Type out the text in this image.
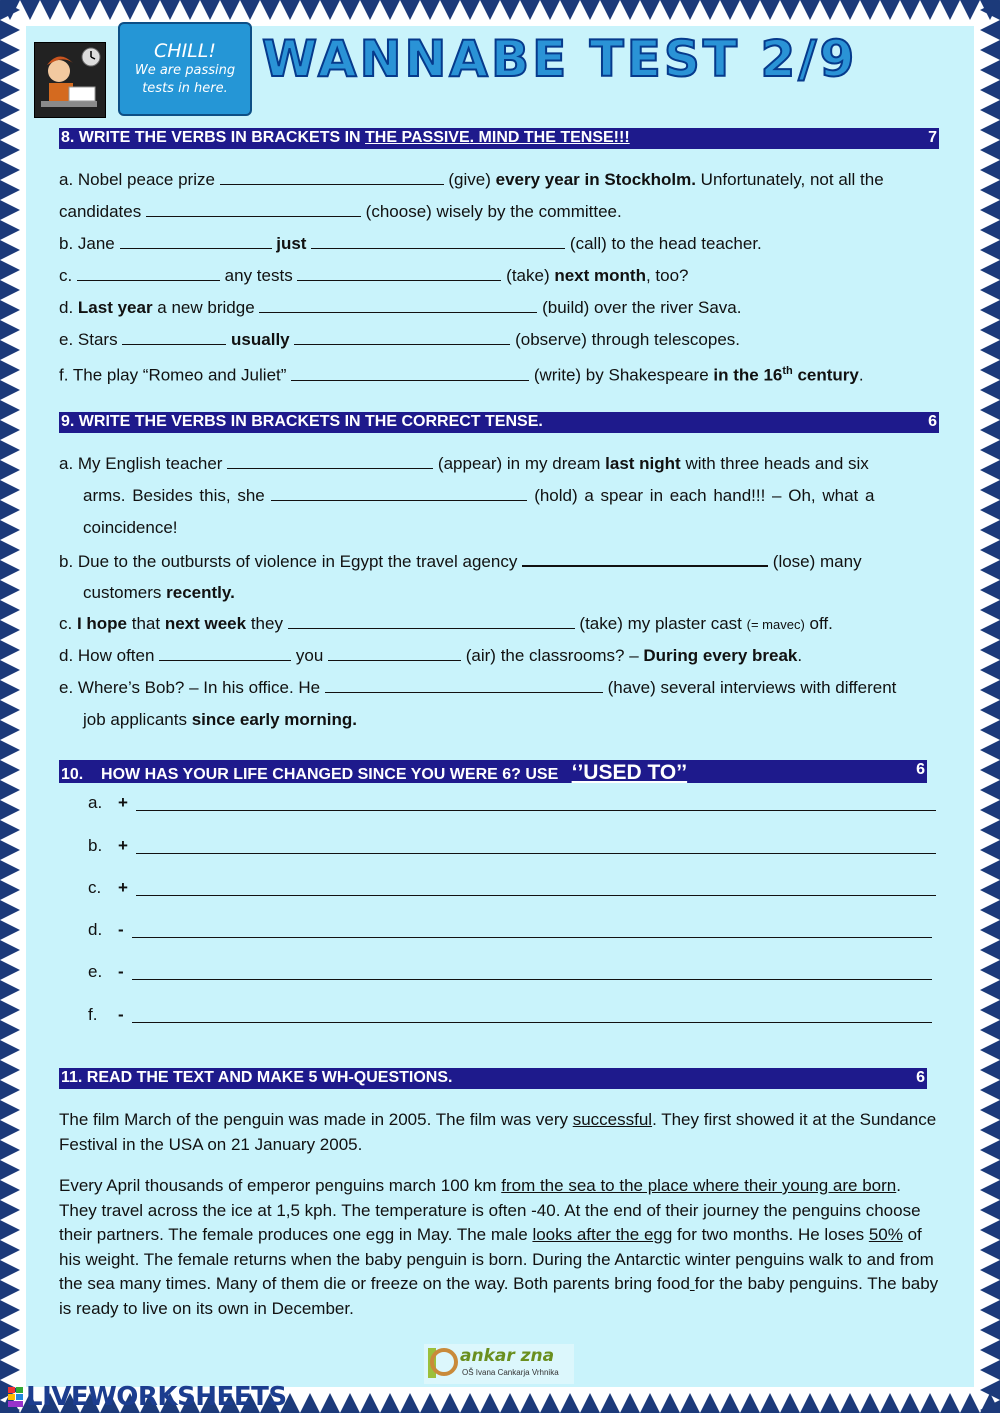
CHILL!
We are passing
tests in here.
WANNABE TEST 2/9
8. WRITE THE VERBS IN BRACKETS IN THE PASSIVE. MIND THE TENSE!!!	7
a. Nobel peace prize	(give) every year in Stockholm. Unfortunately, not all the
candidates	(choose) wisely by the committee.
b. Jane	just	(call) to the head teacher.
c.	any tests	(take) next month, too?
d. Last year a new bridge	(build) over the river Sava.
e. Stars	usually	(observe) through telescopes.
f. The play “Romeo and Juliet”	(write) by Shakespeare in the 16th century.
9. WRITE THE VERBS IN BRACKETS IN THE CORRECT TENSE.	6
a. My English teacher	(appear) in my dream last night with three heads and six
arms. Besides this, she	(hold) a spear in each hand!!! – Oh, what a
coincidence!
b. Due to the outbursts of violence in Egypt the travel agency	(lose) many
customers recently.
c. I hope that next week they	(take) my plaster cast (= mavec) off.
d. How often	you	(air) the classrooms? – During every break.
e. Where’s Bob? – In his office. He	(have) several interviews with different
job applicants since early morning.
10. HOW HAS YOUR LIFE CHANGED SINCE YOU WERE 6? USE ‘’USED TO’’	6
a. +
b. +
c. +
d. -
e. -
f. -
11. READ THE TEXT AND MAKE 5 WH-QUESTIONS.	6
The film March of the penguin was made in 2005. The film was very successful. They first showed it at the Sundance Festival in the USA on 21 January 2005.
Every April thousands of emperor penguins march 100 km from the sea to the place where their young are born. They travel across the ice at 1,5 kph. The temperature is often -40. At the end of their journey the penguins choose their partners. The female produces one egg in May. The male looks after the egg for two months. He loses 50% of his weight. The female returns when the baby penguin is born. During the Antarctic winter penguins walk to and from the sea many times. Many of them die or freeze on the way. Both parents bring food for the baby penguins. The baby is ready to live on its own in December.
ankar zna
OŠ Ivana Cankarja Vrhnika
LIVEWORKSHEETS
